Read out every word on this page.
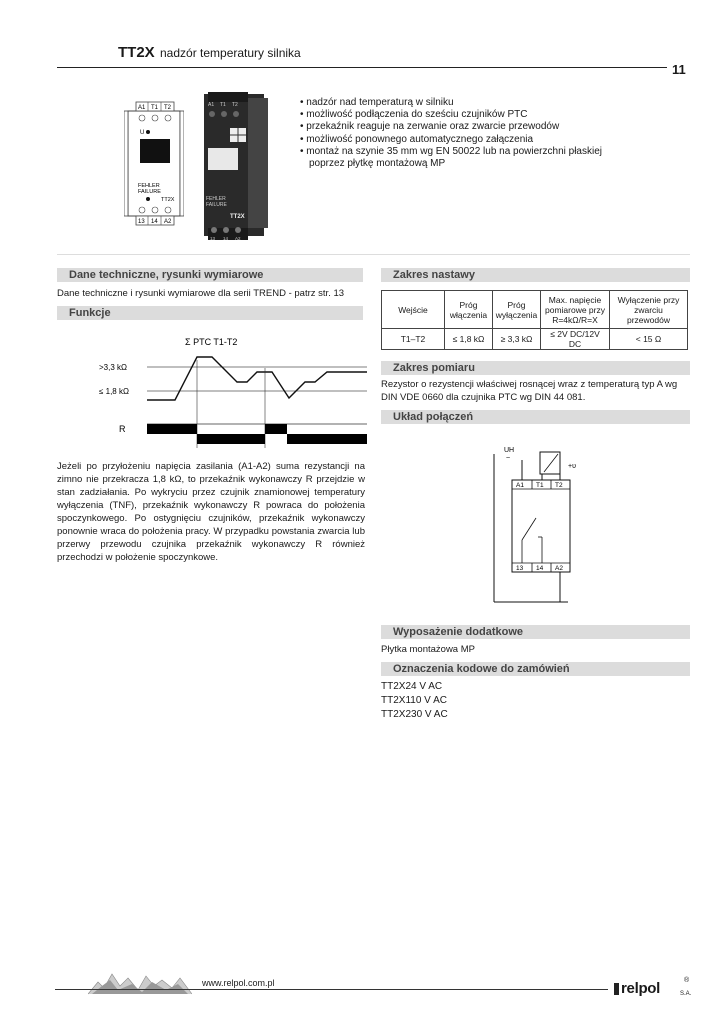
TT2X nadzór temperatury silnika
11
A1 T1 T2
U
FEHLER
FAILURE
TT2X
13 14 A2
A1 T1 T2
FEHLER
FAILURE
TT2X
13 14 A2
• nadzór nad temperaturą w silniku
• możliwość podłączenia do sześciu czujników PTC
• przekaźnik reaguje na zerwanie oraz zwarcie przewodów
• możliwość ponownego automatycznego załączenia
• montaż na szynie 35 mm wg EN 50022 lub na powierzchni płaskiej poprzez płytkę montażową MP
Dane techniczne, rysunki wymiarowe
Dane techniczne i rysunki wymiarowe dla serii TREND - patrz str. 13
Funkcje
Σ PTC T1-T2
>3,3 kΩ
≤ 1,8 kΩ
R
Jeżeli po przyłożeniu napięcia zasilania (A1-A2) suma rezystancji na zimno nie przekracza 1,8 kΩ, to przekaźnik wykonawczy R przejdzie w stan zadziałania. Po wykryciu przez czujnik znamionowej temperatury wyłączenia (TNF), przekaźnik wykonawczy R powraca do położenia spoczynkowego. Po ostygnięciu czujników, przekaźnik wykonawczy ponownie wraca do położenia pracy. W przypadku powstania zwarcia lub przerwy przewodu czujnika przekaźnik wykonawczy R również przechodzi w położenie spoczynkowe.
Zakres nastawy
Wejście	Próg włączenia	Próg wyłączenia	Max. napięcie pomiarowe przy R=4kΩ/R=X	Wyłączenie przy zwarciu przewodów
T1–T2	≤ 1,8 kΩ	≥ 3,3 kΩ	≤ 2V DC/12V DC	< 15 Ω
Zakres pomiaru
Rezystor o rezystencji właściwej rosnącej wraz z temperaturą typ A wg DIN VDE 0660 dla czujnika PTC wg DIN 44 081.
Układ połączeń
UH
~
+υ
A1 T1 T2
13 14 A2
Wyposażenie dodatkowe
Płytka montażowa MP
Oznaczenia kodowe do zamówień
TT2X24 V AC
TT2X110 V AC
TT2X230 V AC
www.relpol.com.pl	relpol	S.A.
®
